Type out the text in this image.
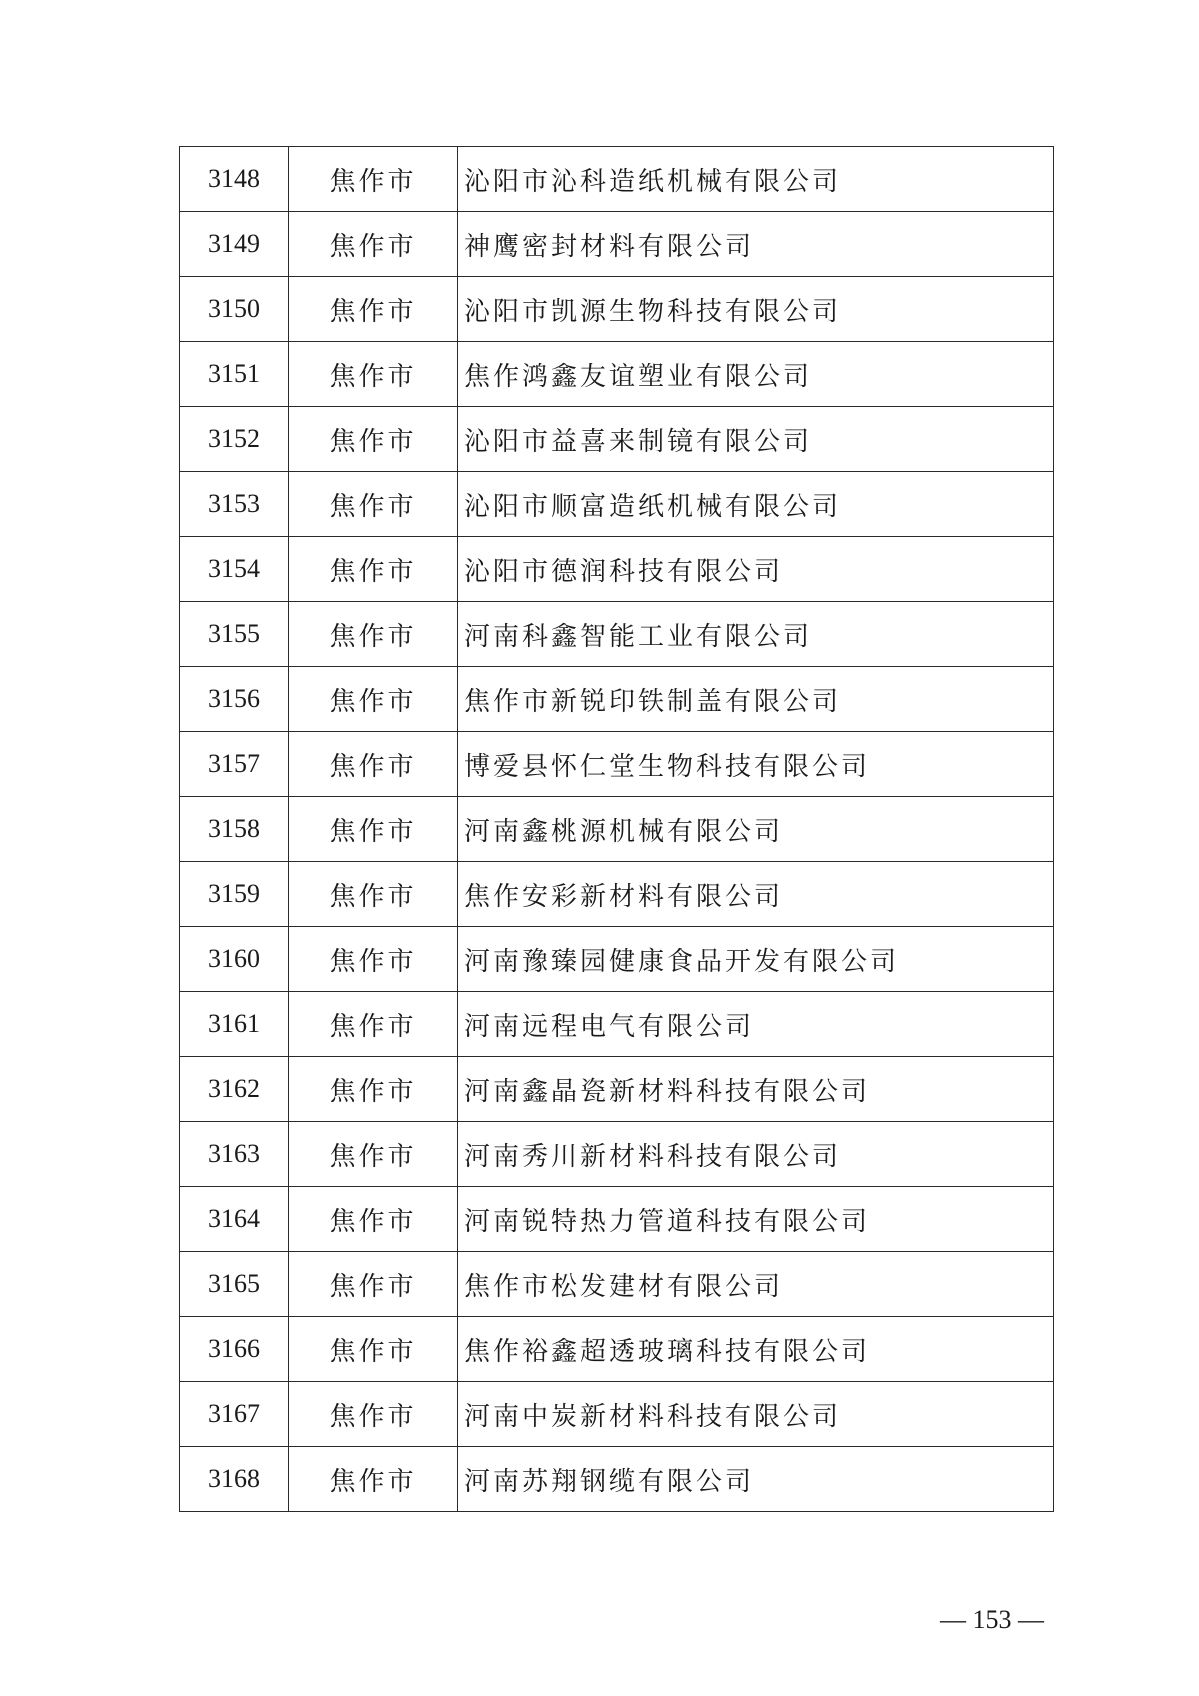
3148	焦作市	沁阳市沁科造纸机械有限公司
3149	焦作市	神鹰密封材料有限公司
3150	焦作市	沁阳市凯源生物科技有限公司
3151	焦作市	焦作鸿鑫友谊塑业有限公司
3152	焦作市	沁阳市益喜来制镜有限公司
3153	焦作市	沁阳市顺富造纸机械有限公司
3154	焦作市	沁阳市德润科技有限公司
3155	焦作市	河南科鑫智能工业有限公司
3156	焦作市	焦作市新锐印铁制盖有限公司
3157	焦作市	博爱县怀仁堂生物科技有限公司
3158	焦作市	河南鑫桃源机械有限公司
3159	焦作市	焦作安彩新材料有限公司
3160	焦作市	河南豫臻园健康食品开发有限公司
3161	焦作市	河南远程电气有限公司
3162	焦作市	河南鑫晶瓷新材料科技有限公司
3163	焦作市	河南秀川新材料科技有限公司
3164	焦作市	河南锐特热力管道科技有限公司
3165	焦作市	焦作市松发建材有限公司
3166	焦作市	焦作裕鑫超透玻璃科技有限公司
3167	焦作市	河南中炭新材料科技有限公司
3168	焦作市	河南苏翔钢缆有限公司
— 153 —
